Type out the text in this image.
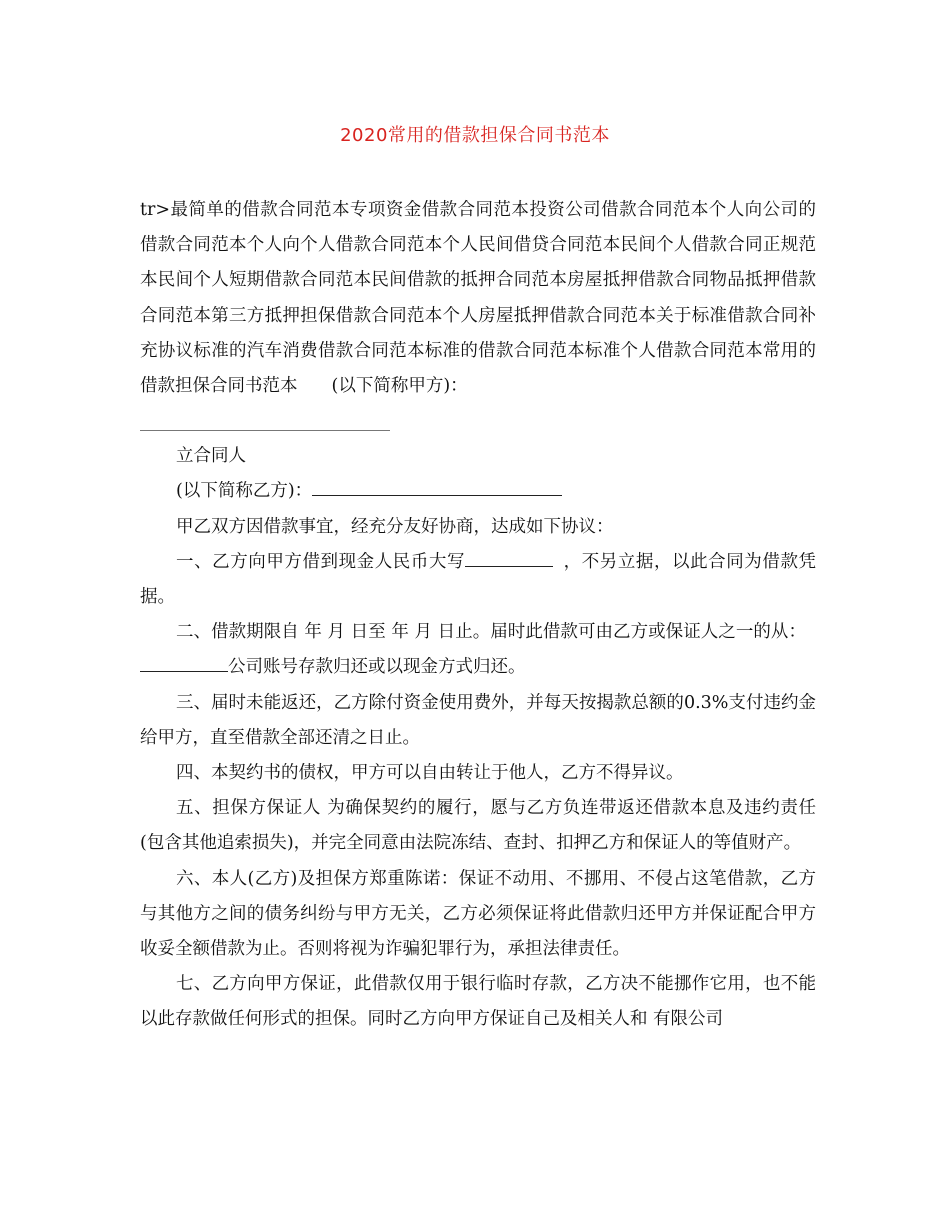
2020常用的借款担保合同书范本

tr>最简单的借款合同范本专项资金借款合同范本投资公司借款合同范本个人向公司的借款合同范本个人向个人借款合同范本个人民间借贷合同范本民间个人借款合同正规范本民间个人短期借款合同范本民间借款的抵押合同范本房屋抵押借款合同物品抵押借款合同范本第三方抵押担保借款合同范本个人房屋抵押借款合同范本关于标准借款合同补充协议标准的汽车消费借款合同范本标准的借款合同范本标准个人借款合同范本常用的借款担保合同书范本 (以下简称甲方)：

立合同人

(以下简称乙方)：

甲乙双方因借款事宜，经充分友好协商，达成如下协议：

一、乙方向甲方借到现金人民币大写	，不另立据，以此合同为借款凭据。

二、借款期限自 年 月 日至 年 月 日止。届时此借款可由乙方或保证人之一的从：公司账号存款归还或以现金方式归还。

三、届时未能返还，乙方除付资金使用费外，并每天按揭款总额的0.3%支付违约金给甲方，直至借款全部还清之日止。

四、本契约书的债权，甲方可以自由转让于他人，乙方不得异议。

五、担保方保证人 为确保契约的履行，愿与乙方负连带返还借款本息及违约责任(包含其他追索损失)，并完全同意由法院冻结、查封、扣押乙方和保证人的等值财产。

六、本人(乙方)及担保方郑重陈诺：保证不动用、不挪用、不侵占这笔借款，乙方与其他方之间的债务纠纷与甲方无关，乙方必须保证将此借款归还甲方并保证配合甲方收妥全额借款为止。否则将视为诈骗犯罪行为，承担法律责任。

七、乙方向甲方保证，此借款仅用于银行临时存款，乙方决不能挪作它用，也不能以此存款做任何形式的担保。同时乙方向甲方保证自己及相关人和 有限公司
